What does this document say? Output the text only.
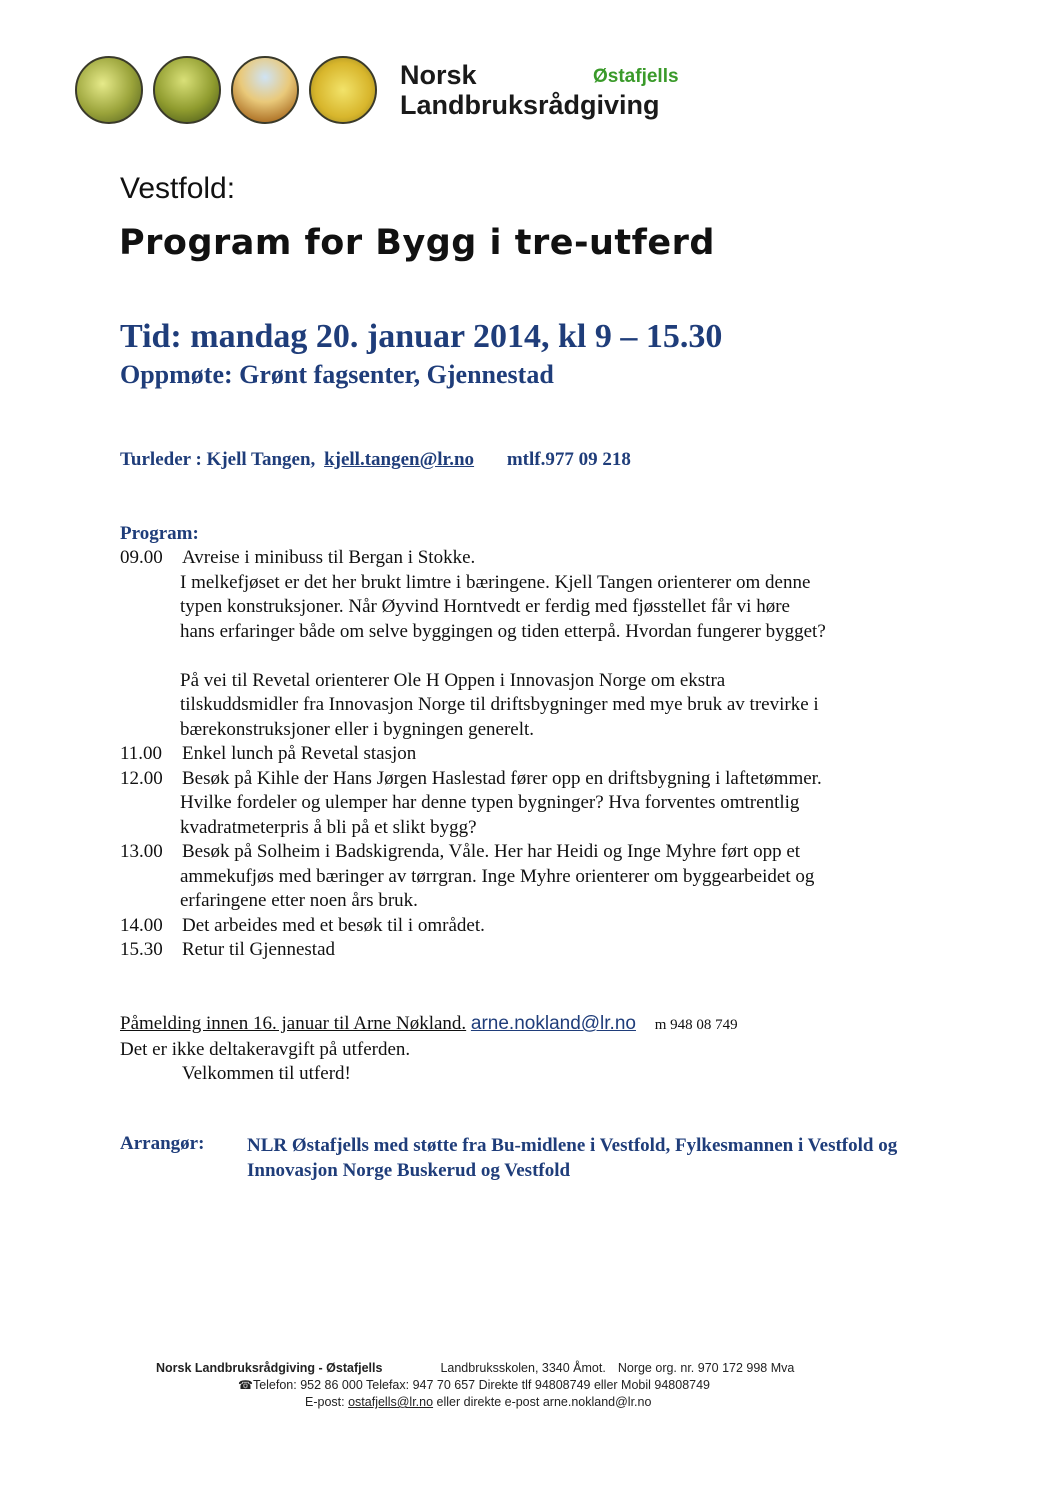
Norsk
Landbruksrådgiving
Østafjells
Vestfold:
Program for Bygg i tre-utferd
Tid: mandag 20. januar 2014, kl 9 – 15.30
Oppmøte: Grønt fagsenter, Gjennestad
Turleder : Kjell Tangen, kjell.tangen@lr.no mtlf.977 09 218
Program:
09.00	Avreise i minibuss til Bergan i Stokke.
I melkefjøset er det her brukt limtre i bæringene. Kjell Tangen orienterer om denne
typen konstruksjoner. Når Øyvind Horntvedt er ferdig med fjøsstellet får vi høre
hans erfaringer både om selve byggingen og tiden etterpå. Hvordan fungerer bygget?
På vei til Revetal orienterer Ole H Oppen i Innovasjon Norge om ekstra
tilskuddsmidler fra Innovasjon Norge til driftsbygninger med mye bruk av trevirke i
bærekonstruksjoner eller i bygningen generelt.
11.00	Enkel lunch på Revetal stasjon
12.00	Besøk på Kihle der Hans Jørgen Haslestad fører opp en driftsbygning i laftetømmer.
Hvilke fordeler og ulemper har denne typen bygninger? Hva forventes omtrentlig
kvadratmeterpris å bli på et slikt bygg?
13.00	Besøk på Solheim i Badskigrenda, Våle. Her har Heidi og Inge Myhre ført opp et
ammekufjøs med bæringer av tørrgran. Inge Myhre orienterer om byggearbeidet og
erfaringene etter noen års bruk.
14.00	Det arbeides med et besøk til i området.
15.30	Retur til Gjennestad
Påmelding innen 16. januar til Arne Nøkland. arne.nokland@lr.no m 948 08 749
Det er ikke deltakeravgift på utferden.
Velkommen til utferd!
Arrangør: NLR Østafjells med støtte fra Bu-midlene i Vestfold, Fylkesmannen i Vestfold og Innovasjon Norge Buskerud og Vestfold
Norsk Landbruksrådgiving - Østafjells	Landbruksskolen, 3340 Åmot. Norge org. nr. 970 172 998 Mva
☎Telefon: 952 86 000 Telefax: 947 70 657 Direkte tlf 94808749 eller Mobil 94808749
E-post: ostafjells@lr.no eller direkte e-post arne.nokland@lr.no
